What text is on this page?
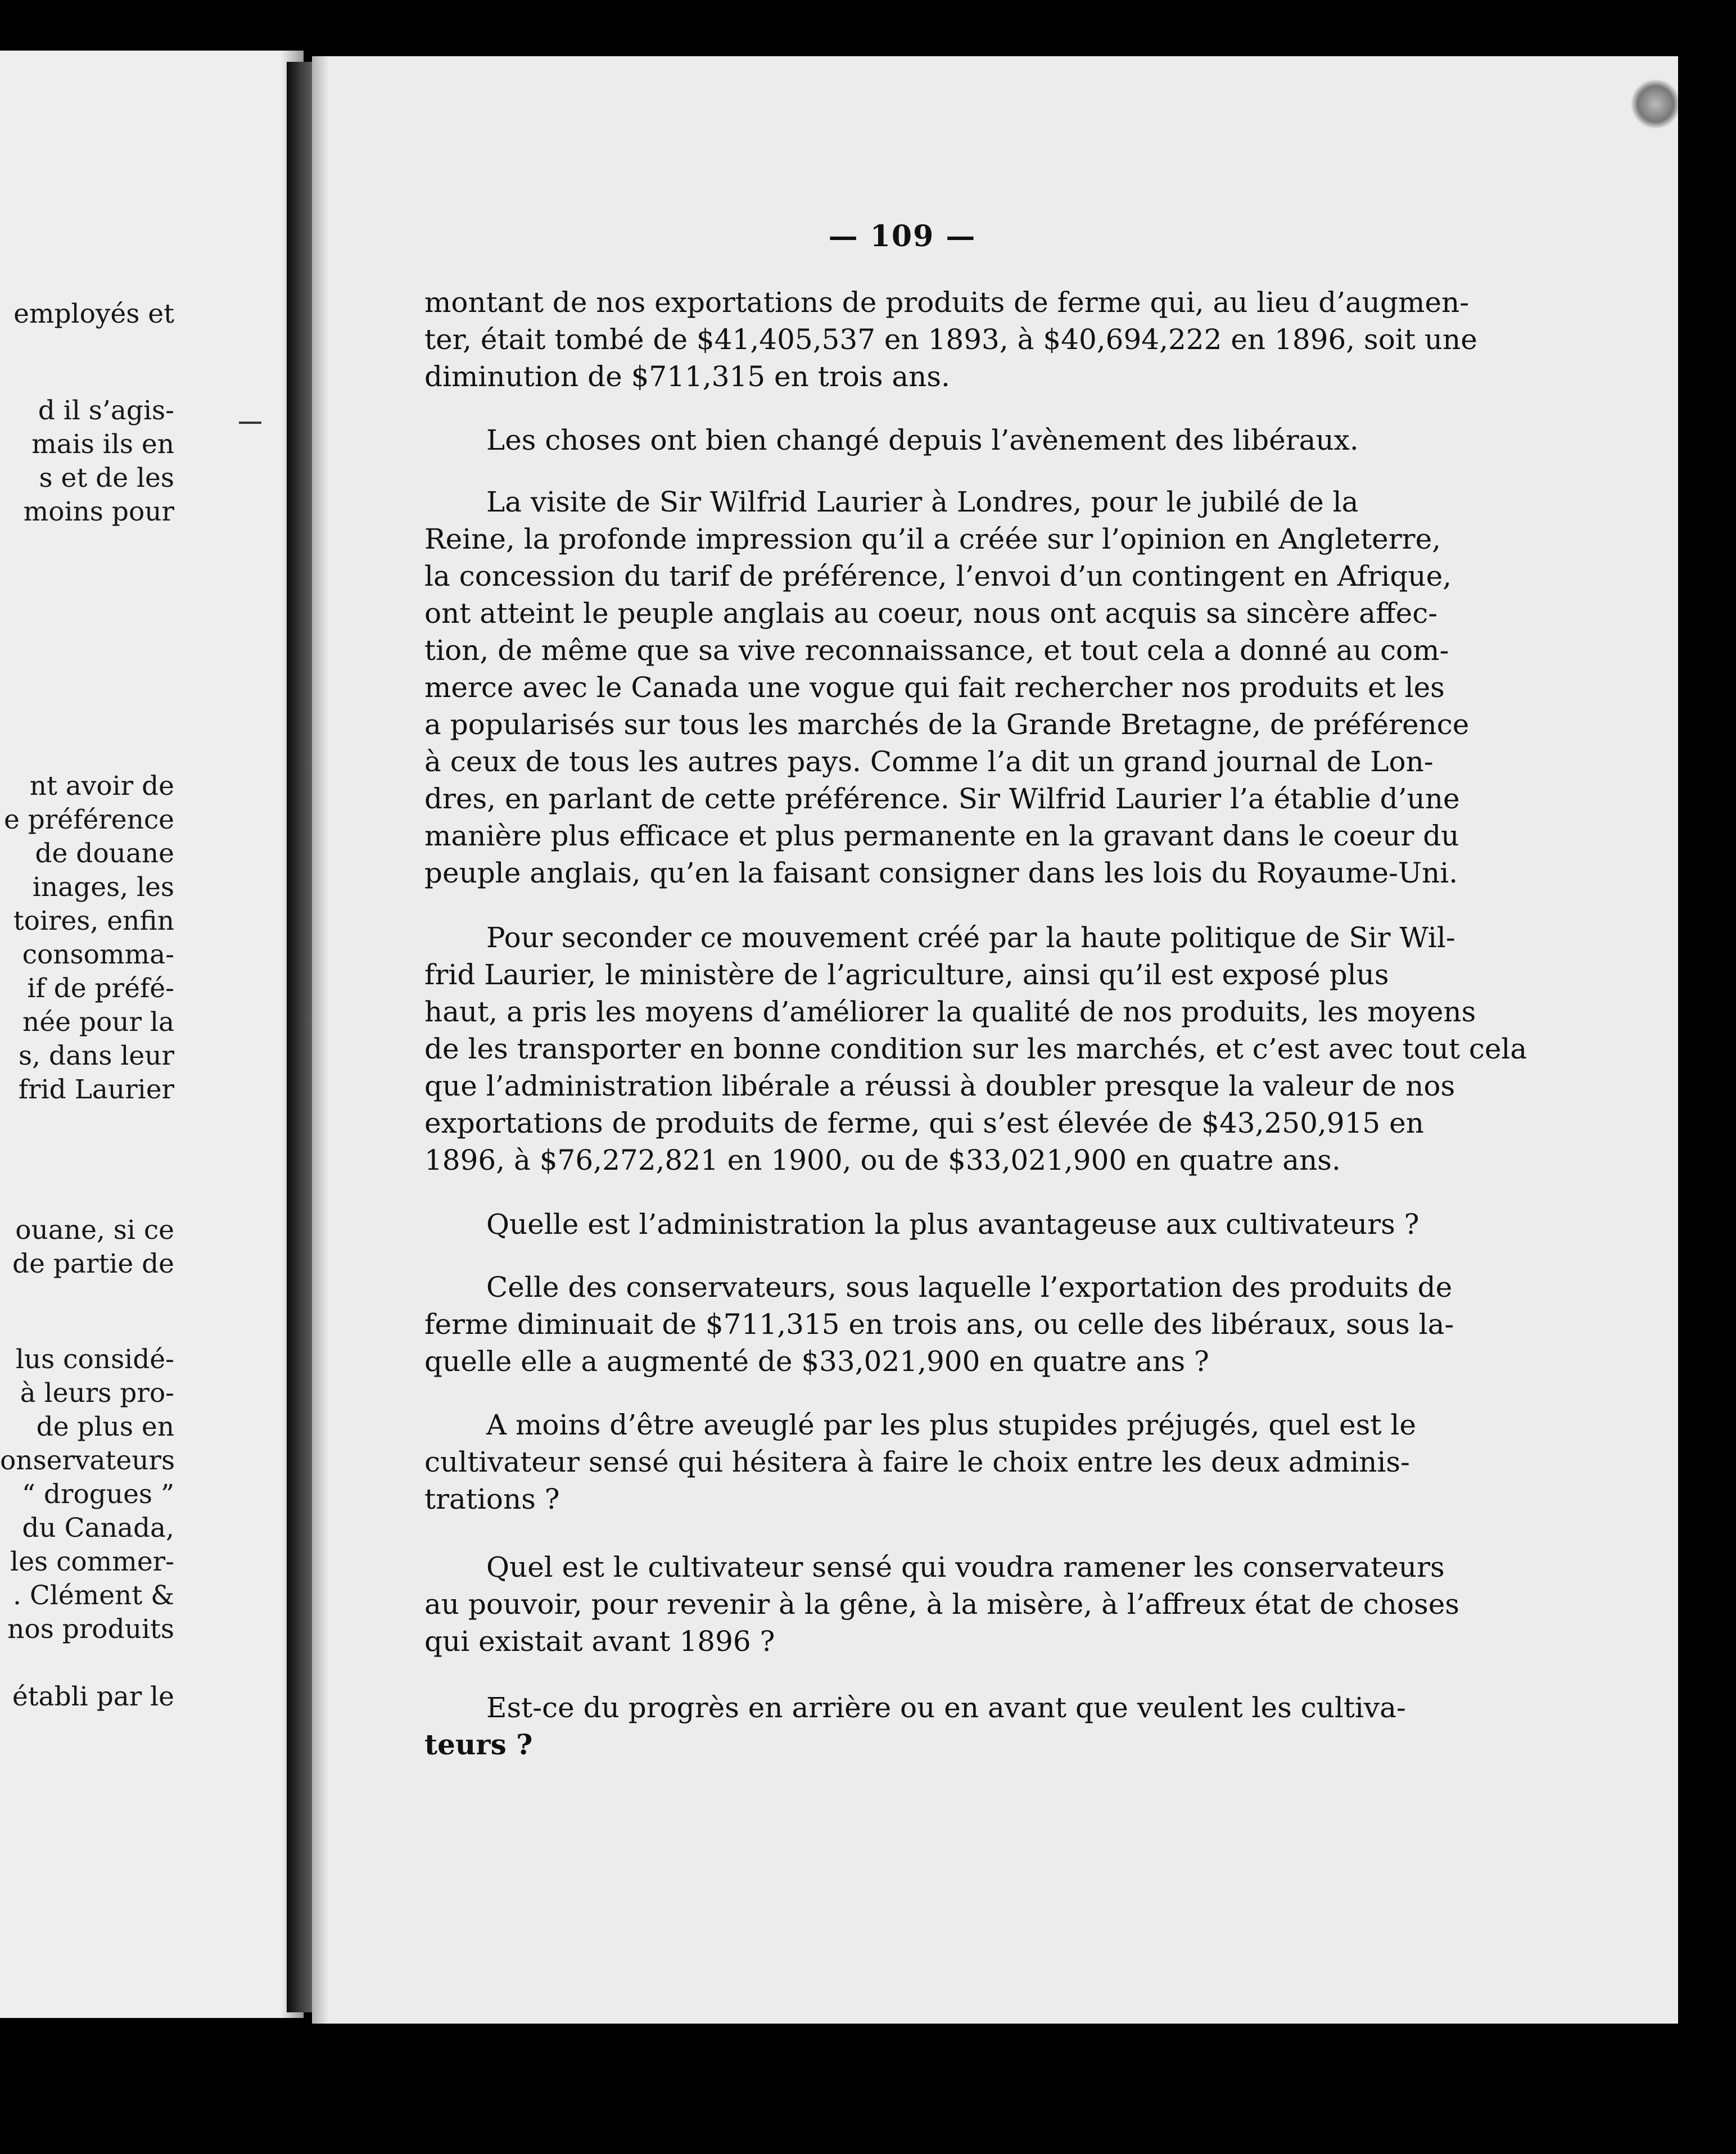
employés et
d il s’agis-
mais ils en
s et de les
moins pour
nt avoir de
e préférence
de douane
inages, les
toires, enfin
consomma-
if de préfé-
née pour la
s, dans leur
frid Laurier
ouane, si ce
de partie de
lus considé-
à leurs pro-
de plus en
onservateurs
“ drogues ”
du Canada,
les commer-
. Clément &
nos produits
établi par le
— 109 —
montant de nos exportations de produits de ferme qui, au lieu d’augmen-
ter, était tombé de $41,405,537 en 1893, à $40,694,222 en 1896, soit une
diminution de $711,315 en trois ans.
Les choses ont bien changé depuis l’avènement des libéraux.
La visite de Sir Wilfrid Laurier à Londres, pour le jubilé de la
Reine, la profonde impression qu’il a créée sur l’opinion en Angleterre,
la concession du tarif de préférence, l’envoi d’un contingent en Afrique,
ont atteint le peuple anglais au coeur, nous ont acquis sa sincère affec-
tion, de même que sa vive reconnaissance, et tout cela a donné au com-
merce avec le Canada une vogue qui fait rechercher nos produits et les
a popularisés sur tous les marchés de la Grande Bretagne, de préférence
à ceux de tous les autres pays. Comme l’a dit un grand journal de Lon-
dres, en parlant de cette préférence. Sir Wilfrid Laurier l’a établie d’une
manière plus efficace et plus permanente en la gravant dans le coeur du
peuple anglais, qu’en la faisant consigner dans les lois du Royaume-Uni.
Pour seconder ce mouvement créé par la haute politique de Sir Wil-
frid Laurier, le ministère de l’agriculture, ainsi qu’il est exposé plus
haut, a pris les moyens d’améliorer la qualité de nos produits, les moyens
de les transporter en bonne condition sur les marchés, et c’est avec tout cela
que l’administration libérale a réussi à doubler presque la valeur de nos
exportations de produits de ferme, qui s’est élevée de $43,250,915 en
1896, à $76,272,821 en 1900, ou de $33,021,900 en quatre ans.
Quelle est l’administration la plus avantageuse aux cultivateurs ?
Celle des conservateurs, sous laquelle l’exportation des produits de
ferme diminuait de $711,315 en trois ans, ou celle des libéraux, sous la-
quelle elle a augmenté de $33,021,900 en quatre ans ?
A moins d’être aveuglé par les plus stupides préjugés, quel est le
cultivateur sensé qui hésitera à faire le choix entre les deux adminis-
trations ?
Quel est le cultivateur sensé qui voudra ramener les conservateurs
au pouvoir, pour revenir à la gêne, à la misère, à l’affreux état de choses
qui existait avant 1896 ?
Est-ce du progrès en arrière ou en avant que veulent les cultiva-
teurs ?
